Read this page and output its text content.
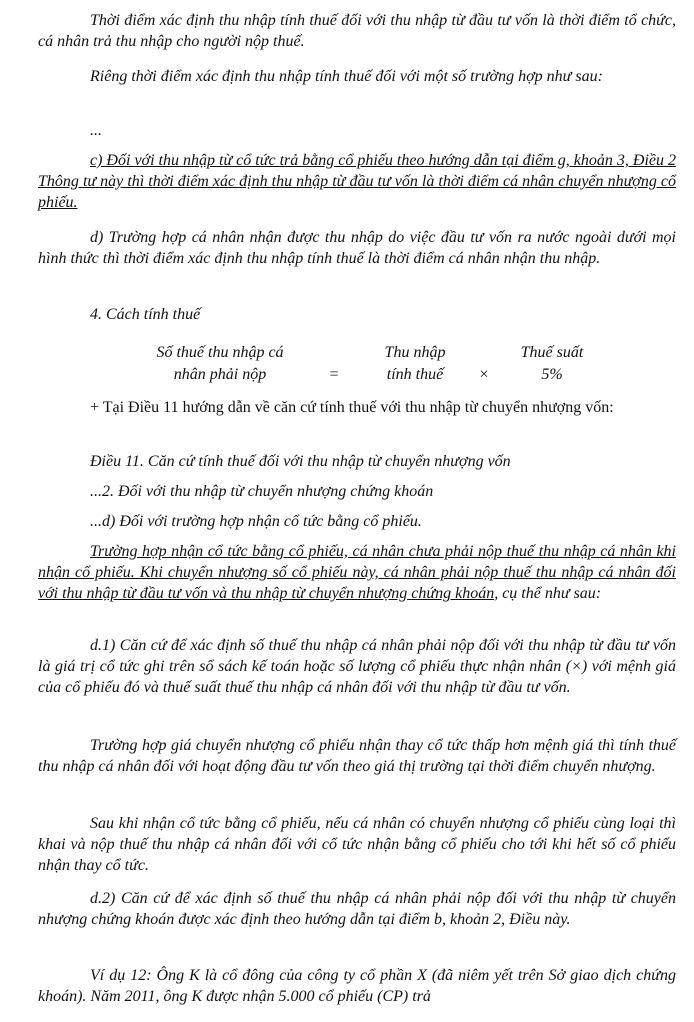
Thời điểm xác định thu nhập tính thuế đối với thu nhập từ đầu tư vốn là thời điểm tổ chức, cá nhân trả thu nhập cho người nộp thuế.

Riêng thời điểm xác định thu nhập tính thuế đối với một số trường hợp như sau:

...

c) Đối với thu nhập từ cổ tức trả bằng cổ phiếu theo hướng dẫn tại điểm g, khoản 3, Điều 2 Thông tư này thì thời điểm xác định thu nhập từ đầu tư vốn là thời điểm cá nhân chuyển nhượng cổ phiếu.

d) Trường hợp cá nhân nhận được thu nhập do việc đầu tư vốn ra nước ngoài dưới mọi hình thức thì thời điểm xác định thu nhập tính thuế là thời điểm cá nhân nhận thu nhập.

4. Cách tính thuế

Số thuế thu nhập cá
nhân phải nộp	=
Thu nhập
tính thuế	×
Thuế suất
5%

+ Tại Điều 11 hướng dẫn về căn cứ tính thuế với thu nhập từ chuyển nhượng vốn:

Điều 11. Căn cứ tính thuế đối với thu nhập từ chuyển nhượng vốn

...2. Đối với thu nhập từ chuyển nhượng chứng khoán

...d) Đối với trường hợp nhận cổ tức bằng cổ phiếu.

Trường hợp nhận cổ tức bằng cổ phiếu, cá nhân chưa phải nộp thuế thu nhập cá nhân khi nhận cổ phiếu. Khi chuyển nhượng số cổ phiếu này, cá nhân phải nộp thuế thu nhập cá nhân đối với thu nhập từ đầu tư vốn và thu nhập từ chuyển nhượng chứng khoán, cụ thể như sau:

d.1) Căn cứ để xác định số thuế thu nhập cá nhân phải nộp đối với thu nhập từ đầu tư vốn là giá trị cổ tức ghi trên sổ sách kế toán hoặc số lượng cổ phiếu thực nhận nhân (×) với mệnh giá của cổ phiếu đó và thuế suất thuế thu nhập cá nhân đối với thu nhập từ đầu tư vốn.

Trường hợp giá chuyển nhượng cổ phiếu nhận thay cổ tức thấp hơn mệnh giá thì tính thuế thu nhập cá nhân đối với hoạt động đầu tư vốn theo giá thị trường tại thời điểm chuyển nhượng.

Sau khi nhận cổ tức bằng cổ phiếu, nếu cá nhân có chuyển nhượng cổ phiếu cùng loại thì khai và nộp thuế thu nhập cá nhân đối với cổ tức nhận bằng cổ phiếu cho tới khi hết số cổ phiếu nhận thay cổ tức.

d.2) Căn cứ để xác định số thuế thu nhập cá nhân phải nộp đối với thu nhập từ chuyển nhượng chứng khoán được xác định theo hướng dẫn tại điểm b, khoản 2, Điều này.

Ví dụ 12: Ông K là cổ đông của công ty cổ phần X (đã niêm yết trên Sở giao dịch chứng khoán). Năm 2011, ông K được nhận 5.000 cổ phiếu (CP) trả
